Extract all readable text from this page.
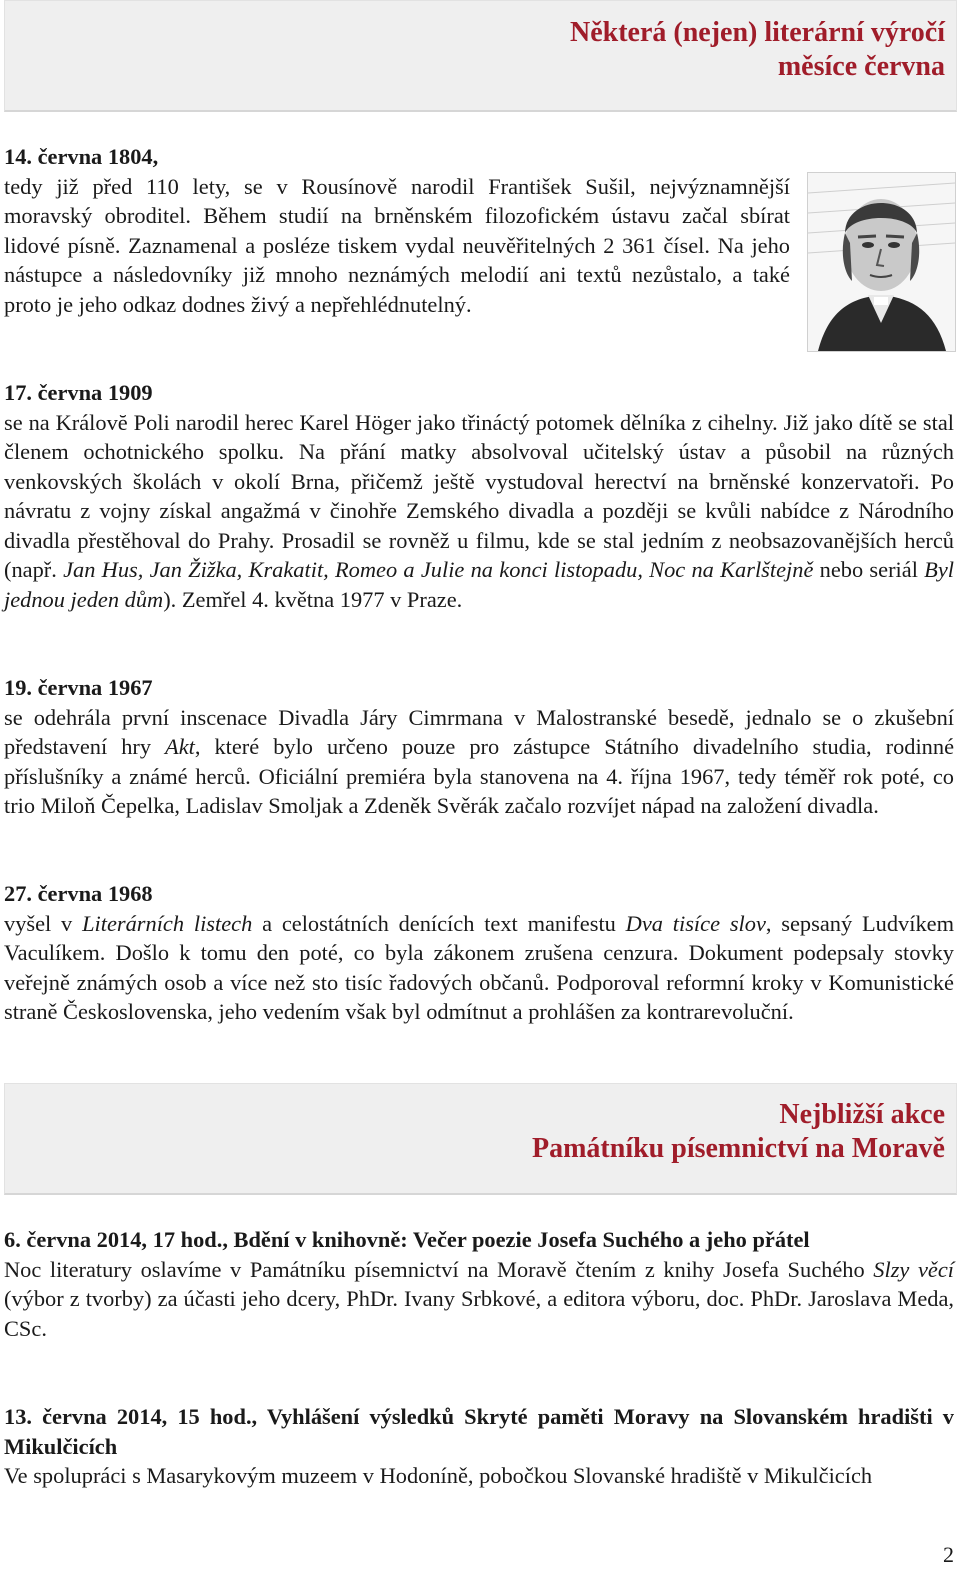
Některá (nejen) literární výročí
měsíce června
14. června 1804,

tedy již před 110 lety, se v Rousínově narodil František Sušil, nejvýznamnější moravský obroditel. Během studií na brněnském filozofickém ústavu začal sbírat lidové písně. Zaznamenal a posléze tiskem vydal neuvěřitelných 2 361 čísel. Na jeho nástupce a následovníky již mnoho neznámých melodií ani textů nezůstalo, a také proto je jeho odkaz dodnes živý a nepřehlédnutelný.

17. června 1909

se na Královĕ Poli narodil herec Karel Höger jako třináctý potomek dělníka z cihelny. Již jako dítě se stal členem ochotnického spolku. Na přání matky absolvoval učitelský ústav a působil na různých venkovských školách v okolí Brna, přičemž ještě vystudoval herectví na brněnské konzervatoři. Po návratu z vojny získal angažmá v činohře Zemského divadla a později se kvůli nabídce z Národního divadla přestěhoval do Prahy. Prosadil se rovněž u filmu, kde se stal jedním z neobsazovanějších herců (např. Jan Hus, Jan Žižka, Krakatit, Romeo a Julie na konci listopadu, Noc na Karlštejně nebo seriál Byl jednou jeden dům). Zemřel 4. května 1977 v Praze.

19. června 1967

se odehrála první inscenace Divadla Járy Cimrmana v Malostranské besedě, jednalo se o zkušební představení hry Akt, které bylo určeno pouze pro zástupce Státního divadelního studia, rodinné příslušníky a známé herců. Oficiální premiéra byla stanovena na 4. října 1967, tedy téměř rok poté, co trio Miloň Čepelka, Ladislav Smoljak a Zdeněk Svěrák začalo rozvíjet nápad na založení divadla.

27. června 1968

vyšel v Literárních listech a celostátních denících text manifestu Dva tisíce slov, sepsaný Ludvíkem Vaculíkem. Došlo k tomu den poté, co byla zákonem zrušena cenzura. Dokument podepsaly stovky veřejně známých osob a více než sto tisíc řadových občanů. Podporoval reformní kroky v Komunistické straně Československa, jeho vedením však byl odmítnut a prohlášen za kontrarevoluční.

Nejbližší akce
Památníku písemnictví na Moravě

6. června 2014, 17 hod., Bdění v knihovně: Večer poezie Josefa Suchého a jeho přátel

Noc literatury oslavíme v Památníku písemnictví na Moravě čtením z knihy Josefa Suchého Slzy věcí (výbor z tvorby) za účasti jeho dcery, PhDr. Ivany Srbkové, a editora výboru, doc. PhDr. Jaroslava Meda, CSc.

13. června 2014, 15 hod., Vyhlášení výsledků Skryté paměti Moravy na Slovanském hradišti v Mikulčicích

Ve spolupráci s Masarykovým muzeem v Hodoníně, pobočkou Slovanské hradiště v Mikulčicích

2
